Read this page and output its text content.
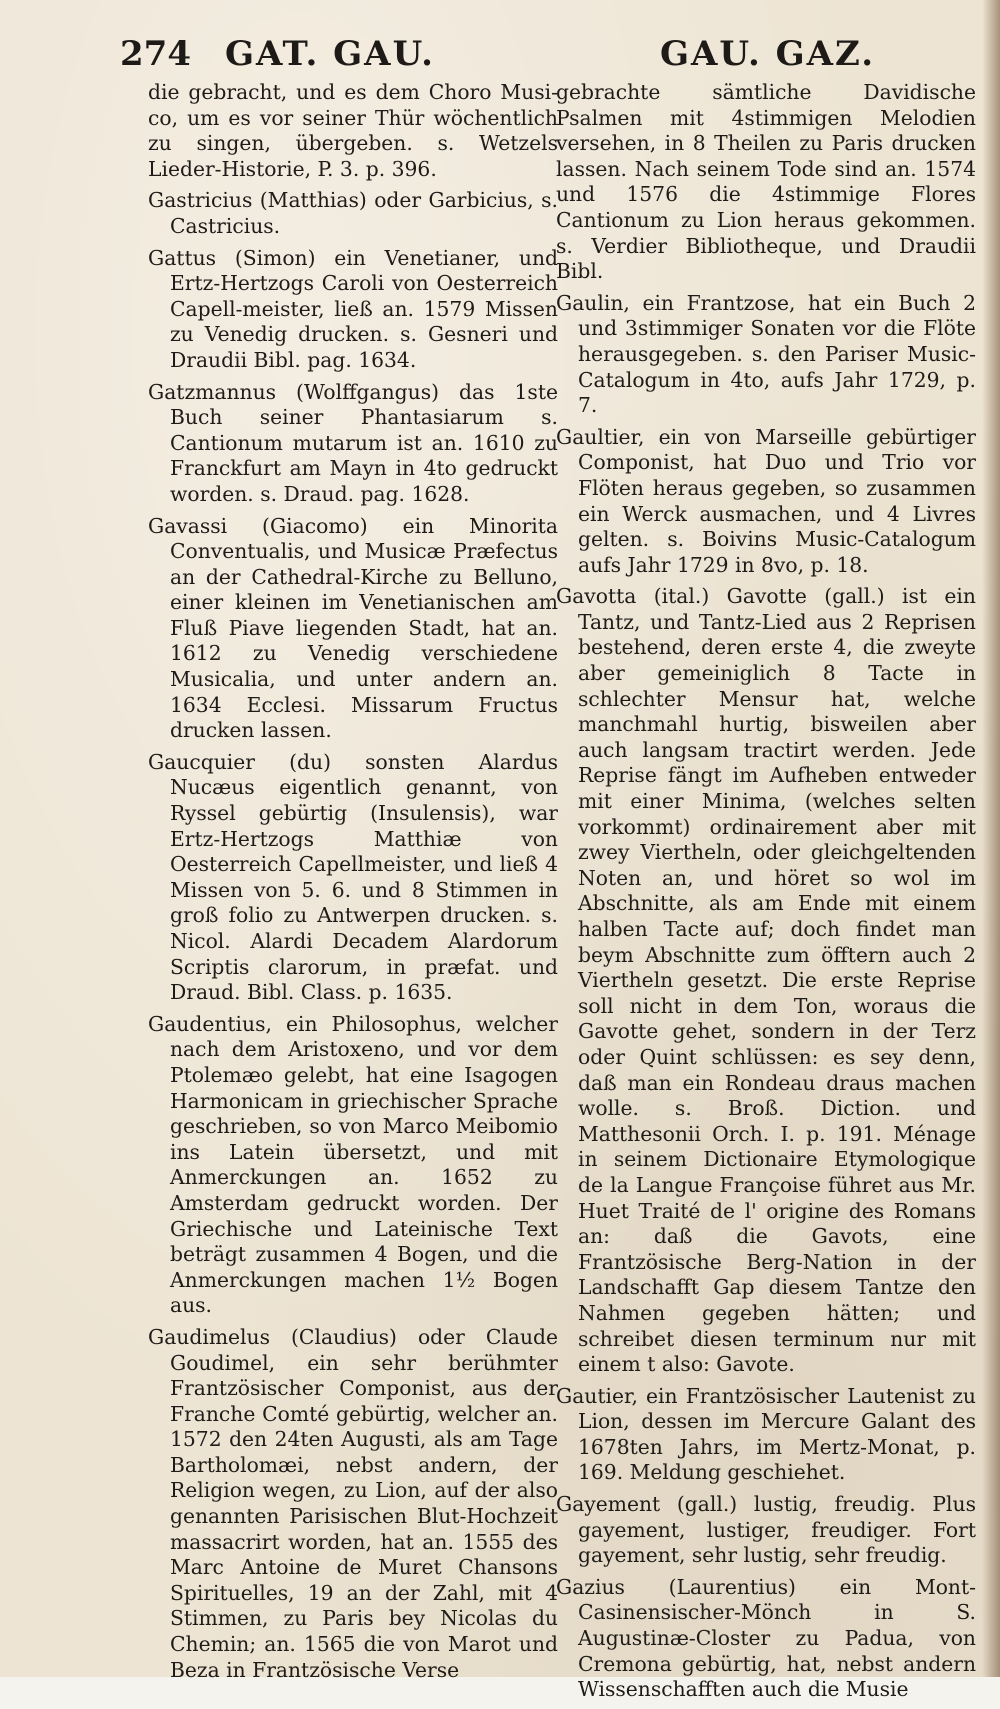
274 GAT. GAU.	GAU. GAZ.

die gebracht, und es dem Choro Musi- co, um es vor seiner Thür wöchentlich zu singen, übergeben. s. Wetzels Lieder-Historie, P. 3. p. 396.

Gastricius (Matthias) oder Garbicius, s. Castricius.

Gattus (Simon) ein Venetianer, und Ertz-Hertzogs Caroli von Oesterreich Capell-meister, ließ an. 1579 Missen zu Venedig drucken. s. Gesneri und Draudii Bibl. pag. 1634.

Gatzmannus (Wolffgangus) das 1ste Buch seiner Phantasiarum s. Cantionum mutarum ist an. 1610 zu Franckfurt am Mayn in 4to gedruckt worden. s. Draud. pag. 1628.

Gavassi (Giacomo) ein Minorita Conventualis, und Musicæ Præfectus an der Cathedral-Kirche zu Belluno, einer kleinen im Venetianischen am Fluß Piave liegenden Stadt, hat an. 1612 zu Venedig verschiedene Musicalia, und unter andern an. 1634 Ecclesi. Missarum Fructus drucken lassen.

Gaucquier (du) sonsten Alardus Nucæus eigentlich genannt, von Ryssel gebürtig (Insulensis), war Ertz-Hertzogs Matthiæ von Oesterreich Capellmeister, und ließ 4 Missen von 5. 6. und 8 Stimmen in groß folio zu Antwerpen drucken. s. Nicol. Alardi Decadem Alardorum Scriptis clarorum, in præfat. und Draud. Bibl. Class. p. 1635.

Gaudentius, ein Philosophus, welcher nach dem Aristoxeno, und vor dem Ptolemæo gelebt, hat eine Isagogen Harmonicam in griechischer Sprache geschrieben, so von Marco Meibomio ins Latein übersetzt, und mit Anmerckungen an. 1652 zu Amsterdam gedruckt worden. Der Griechische und Lateinische Text beträgt zusammen 4 Bogen, und die Anmerckungen machen 1½ Bogen aus.

Gaudimelus (Claudius) oder Claude Goudimel, ein sehr berühmter Frantzösischer Componist, aus der Franche Comté gebürtig, welcher an. 1572 den 24ten Augusti, als am Tage Bartholomæi, nebst andern, der Religion wegen, zu Lion, auf der also genannten Parisischen Blut-Hochzeit massacrirt worden, hat an. 1555 des Marc Antoine de Muret Chansons Spirituelles, 19 an der Zahl, mit 4 Stimmen, zu Paris bey Nicolas du Chemin; an. 1565 die von Marot und Beza in Frantzösische Verse

gebrachte sämtliche Davidische Psalmen mit 4stimmigen Melodien versehen, in 8 Theilen zu Paris drucken lassen. Nach seinem Tode sind an. 1574 und 1576 die 4stimmige Flores Cantionum zu Lion heraus gekommen. s. Verdier Bibliotheque, und Draudii Bibl.

Gaulin, ein Frantzose, hat ein Buch 2 und 3stimmiger Sonaten vor die Flöte herausgegeben. s. den Pariser Music-Catalogum in 4to, aufs Jahr 1729, p. 7.

Gaultier, ein von Marseille gebürtiger Componist, hat Duo und Trio vor Flöten heraus gegeben, so zusammen ein Werck ausmachen, und 4 Livres gelten. s. Boivins Music-Catalogum aufs Jahr 1729 in 8vo, p. 18.

Gavotta (ital.) Gavotte (gall.) ist ein Tantz, und Tantz-Lied aus 2 Reprisen bestehend, deren erste 4, die zweyte aber gemeiniglich 8 Tacte in schlechter Mensur hat, welche manchmahl hurtig, bisweilen aber auch langsam tractirt werden. Jede Reprise fängt im Aufheben entweder mit einer Minima, (welches selten vorkommt) ordinairement aber mit zwey Viertheln, oder gleichgeltenden Noten an, und höret so wol im Abschnitte, als am Ende mit einem halben Tacte auf; doch findet man beym Abschnitte zum öfftern auch 2 Viertheln gesetzt. Die erste Reprise soll nicht in dem Ton, woraus die Gavotte gehet, sondern in der Terz oder Quint schlüssen: es sey denn, daß man ein Rondeau draus machen wolle. s. Broß. Diction. und Matthesonii Orch. I. p. 191. Ménage in seinem Dictionaire Etymologique de la Langue Françoise führet aus Mr. Huet Traité de l' origine des Romans an: daß die Gavots, eine Frantzösische Berg-Nation in der Landschafft Gap diesem Tantze den Nahmen gegeben hätten; und schreibet diesen terminum nur mit einem t also: Gavote.

Gautier, ein Frantzösischer Lautenist zu Lion, dessen im Mercure Galant des 1678ten Jahrs, im Mertz-Monat, p. 169. Meldung geschiehet.

Gayement (gall.) lustig, freudig. Plus gayement, lustiger, freudiger. Fort gayement, sehr lustig, sehr freudig.

Gazius (Laurentius) ein Mont-Casinensischer-Mönch in S. Augustinæ-Closter zu Padua, von Cremona gebürtig, hat, nebst andern Wissenschafften auch die Musie
